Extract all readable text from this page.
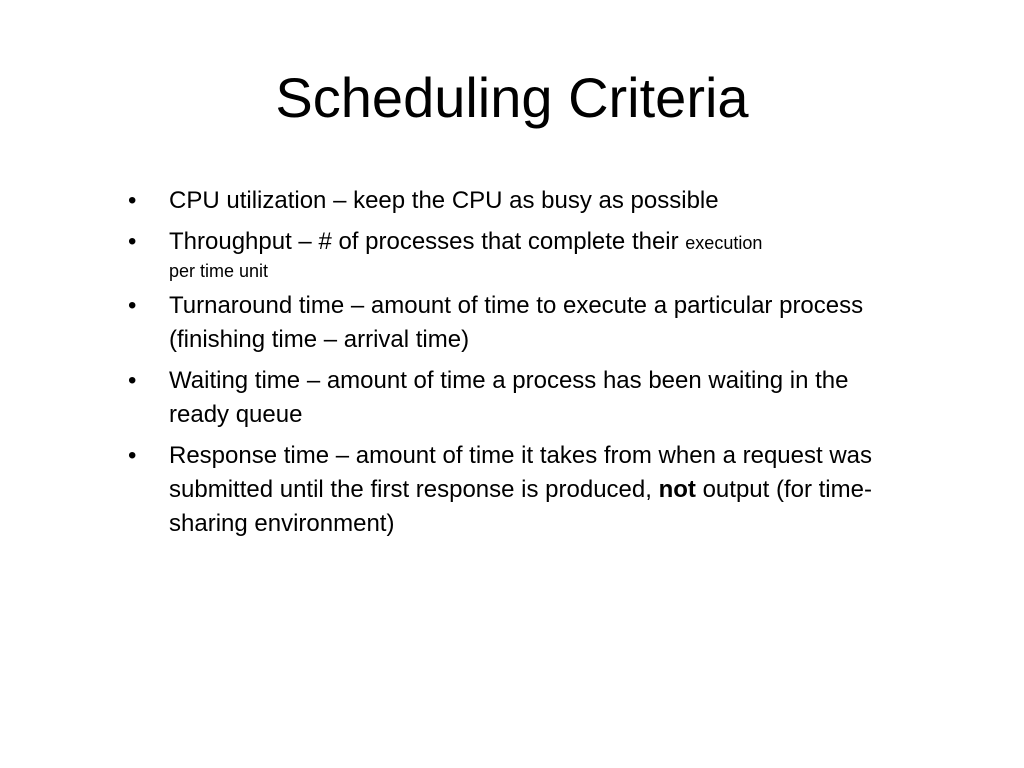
Scheduling Criteria
• CPU utilization – keep the CPU as busy as possible
• Throughput – # of processes that complete their execution
per time unit
• Turnaround time – amount of time to execute a particular process (finishing time – arrival time)
• Waiting time – amount of time a process has been waiting in the ready queue
• Response time – amount of time it takes from when a request was submitted until the first response is produced, not output (for time-sharing environment)
